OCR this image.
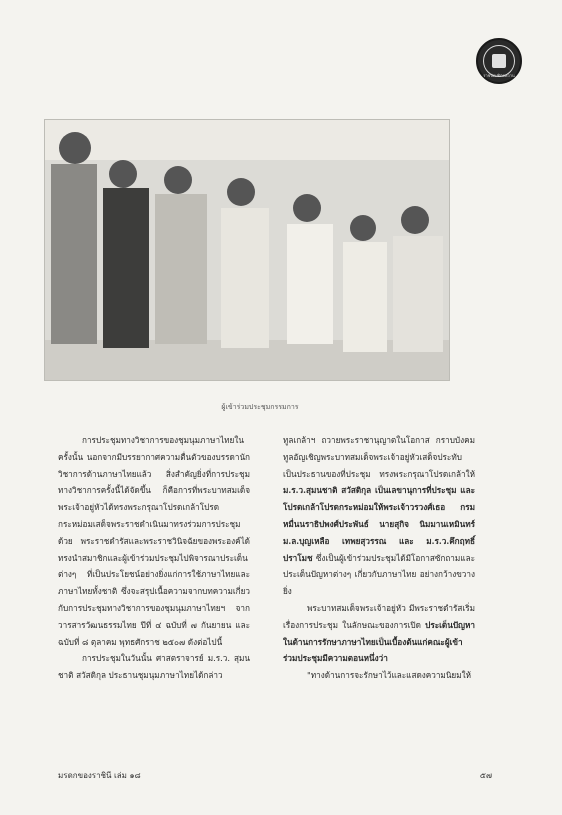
ราชบัณฑิตยสถาน
ผู้เข้าร่วมประชุมกรรมการ

การประชุมทางวิชาการของชุมนุมภาษาไทยในครั้งนั้น นอกจากมีบรรยากาศความตื่นตัวของบรรดานักวิชาการด้านภาษาไทยแล้ว สิ่งสำคัญยิ่งที่การประชุมทางวิชาการครั้งนี้ได้จัดขึ้น ก็คือการที่พระบาทสมเด็จพระเจ้าอยู่หัวได้ทรงพระกรุณาโปรดเกล้าโปรดกระหม่อมเสด็จพระราชดำเนินมาทรงร่วมการประชุมด้วย พระราชดำรัสและพระราชวินิจฉัยของพระองค์ได้ทรงนำสมาชิกและผู้เข้าร่วมประชุมไปพิจารณาประเด็นต่างๆ ที่เป็นประโยชน์อย่างยิ่งแก่การใช้ภาษาไทยและภาษาไทยทั้งชาติ ซึ่งจะสรุปเนื้อความจากบทความเกี่ยวกับการประชุมทางวิชาการของชุมนุมภาษาไทยฯ จากวารสารวัฒนธรรมไทย ปีที่ ๔ ฉบับที่ ๗ กันยายน และฉบับที่ ๘ ตุลาคม พุทธศักราช ๒๕๐๗ ดังต่อไปนี้

การประชุมในวันนั้น ศาสตราจารย์ ม.ร.ว. สุมนชาติ สวัสดิกุล ประธานชุมนุมภาษาไทยได้กล่าว

ทูลเกล้าฯ ถวายพระราชานุญาตในโอกาส กราบบังคมทูลอัญเชิญพระบาทสมเด็จพระเจ้าอยู่หัวเสด็จประทับเป็นประธานของที่ประชุม ทรงพระกรุณาโปรดเกล้าให้ ม.ร.ว.สุมนชาติ สวัสดิกุล เป็นเลขานุการที่ประชุม และโปรดเกล้าโปรดกระหม่อมให้พระเจ้าวรวงศ์เธอ กรมหมื่นนราธิปพงศ์ประพันธ์ นายสุกิจ นิมมานเหมินทร์ ม.ล.บุญเหลือ เทพยสุวรรณ และ ม.ร.ว.คึกฤทธิ์ ปราโมช ซึ่งเป็นผู้เข้าร่วมประชุมได้มีโอกาสซักถามและประเด็นปัญหาต่างๆ เกี่ยวกับภาษาไทย อย่างกว้างขวางยิ่ง

พระบาทสมเด็จพระเจ้าอยู่หัว มีพระราชดำรัสเริ่มเรื่องการประชุม ในลักษณะของการเปิด ประเด็นปัญหาในด้านการรักษาภาษาไทยเป็นเบื้องต้นแก่คณะผู้เข้าร่วมประชุมมีความตอนหนึ่งว่า

"ทางด้านการจะรักษาไว้และแสดงความนิยมให้

มรดกของราชินี เล่ม ๑๘	๕๗
